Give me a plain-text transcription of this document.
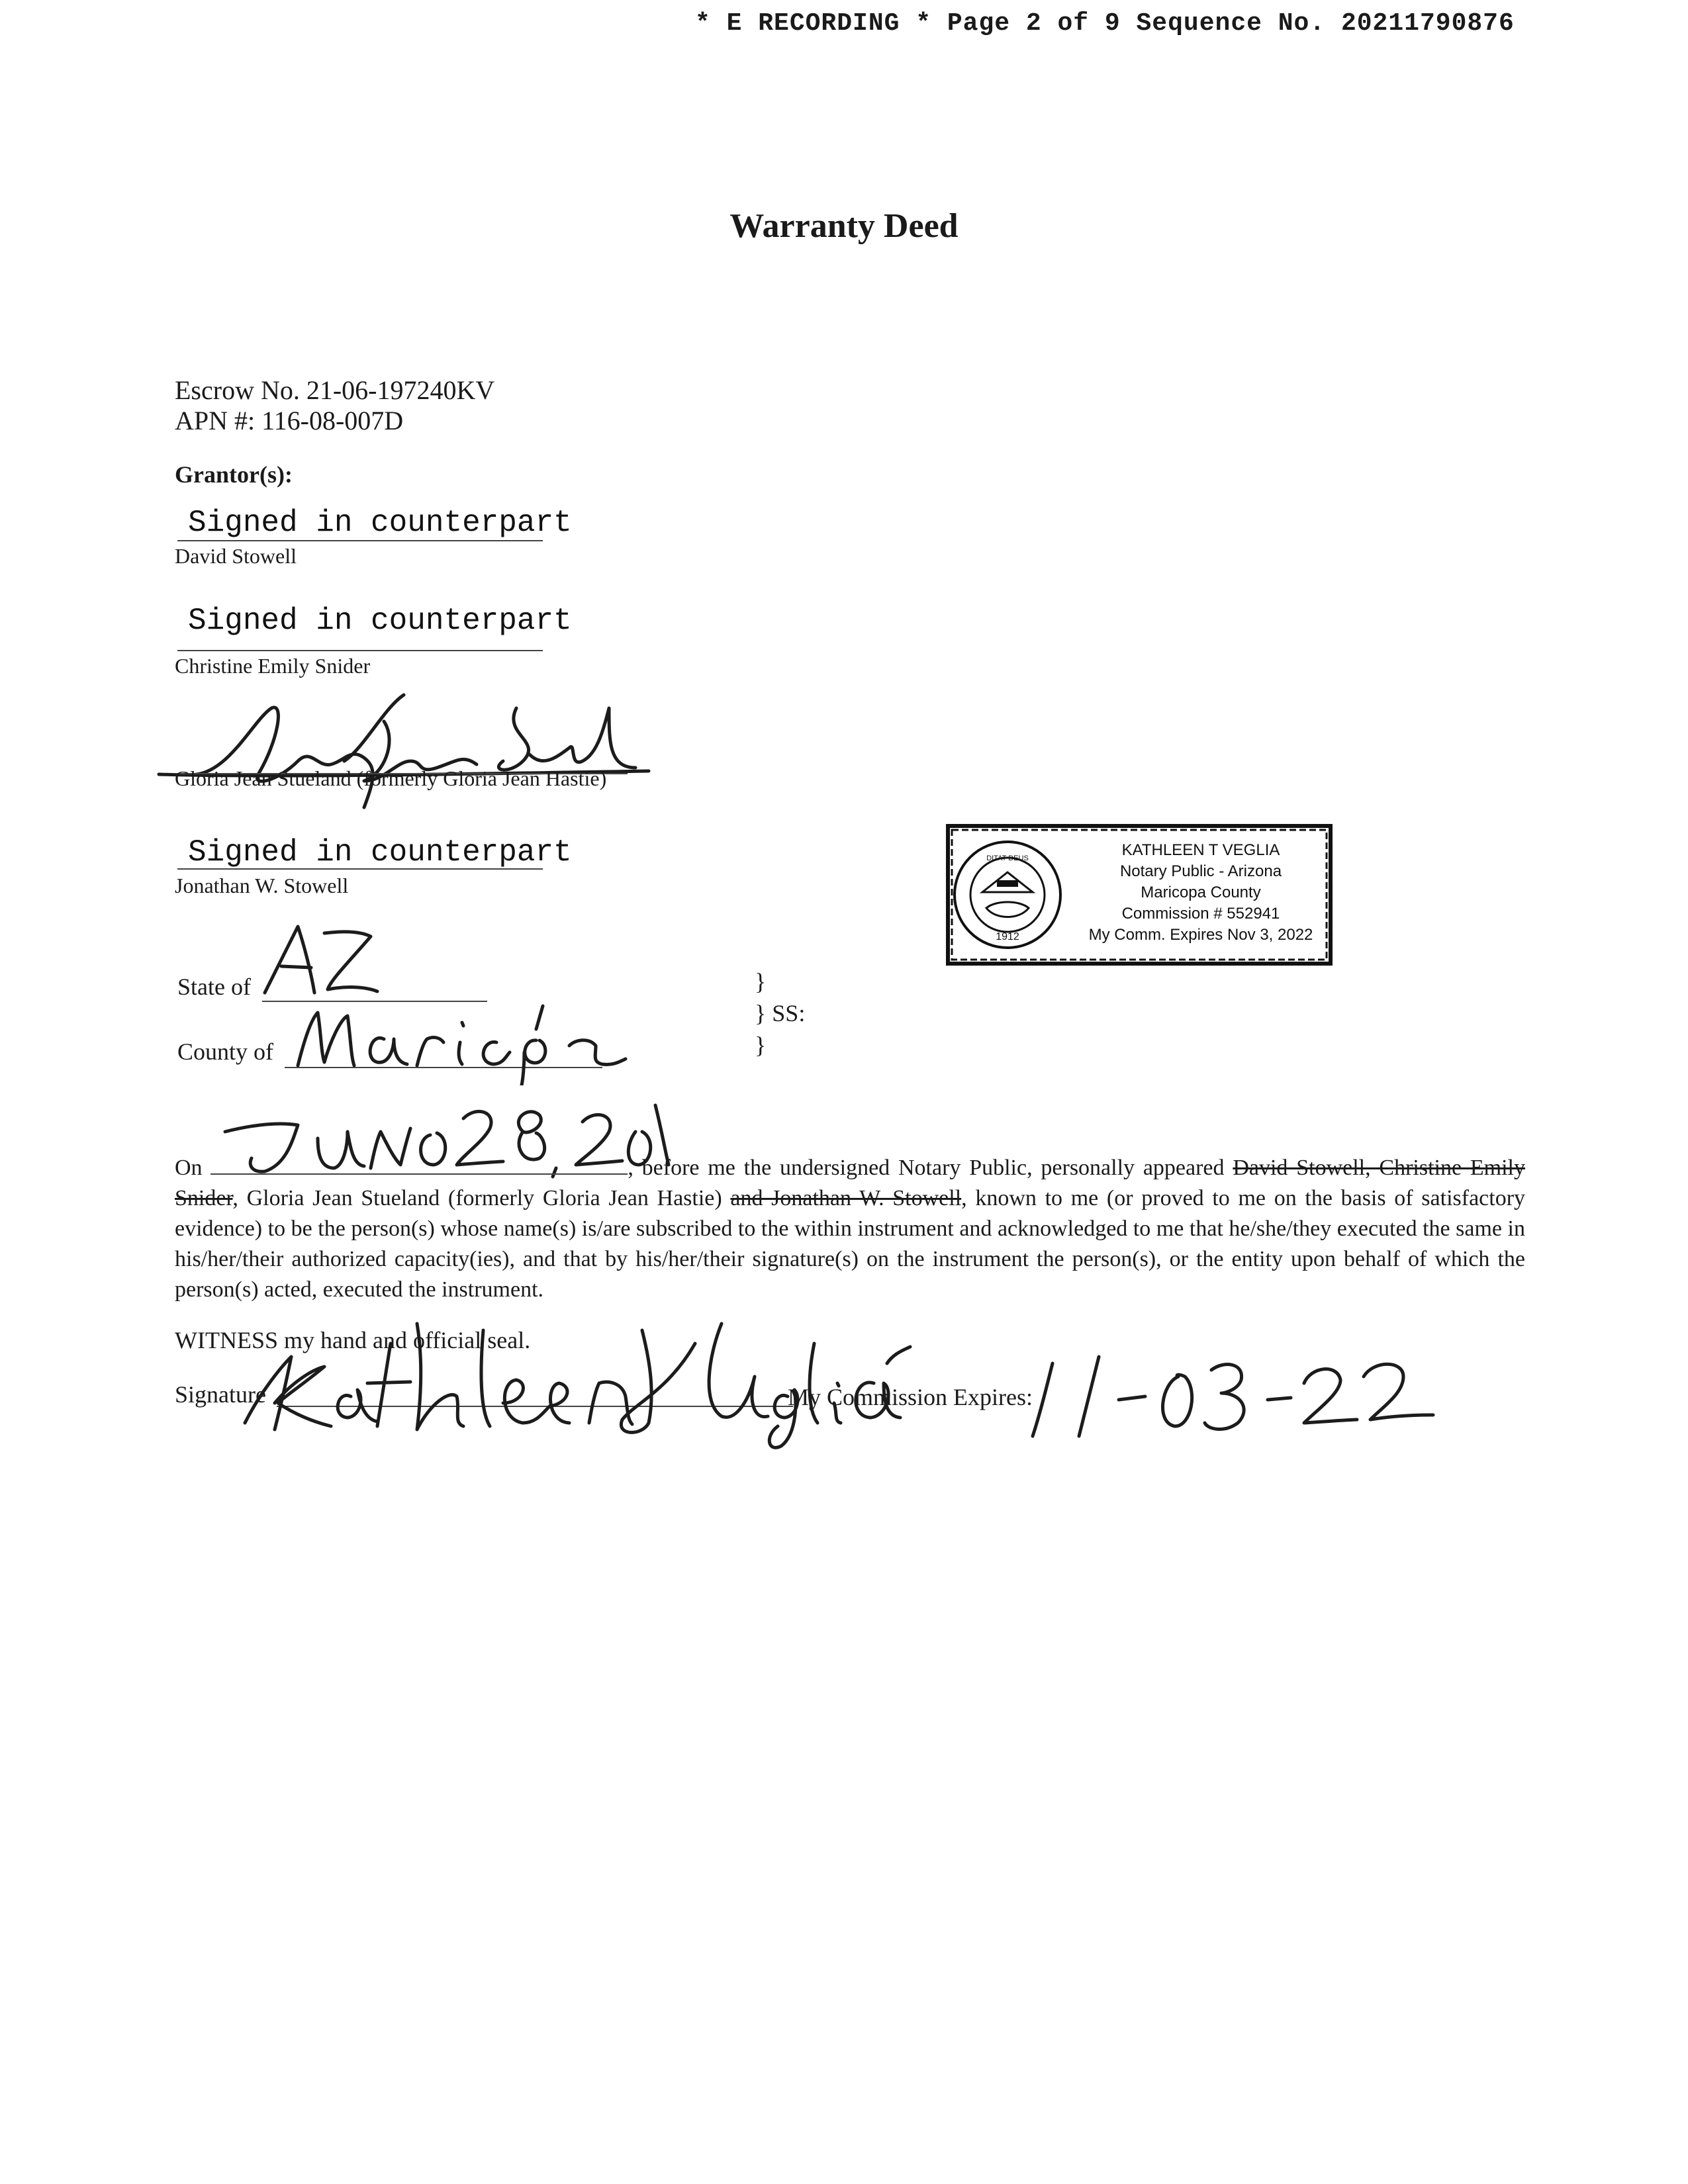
* E RECORDING * Page 2 of 9 Sequence No. 20211790876
Warranty Deed
Escrow No. 21-06-197240KV
APN #: 116-08-007D
Grantor(s):
Signed in counterpart
David Stowell
Signed in counterpart
Christine Emily Snider
Gloria Jean Stueland (formerly Gloria Jean Hastie)
Signed in counterpart
Jonathan W. Stowell
1912
DITAT DEUS	KATHLEEN T VEGLIA
Notary Public - Arizona
Maricopa County
Commission # 552941
My Comm. Expires Nov 3, 2022
State of
County of
}
} SS:
}
On	, before me the undersigned Notary Public, personally appeared David Stowell, Christine Emily Snider, Gloria Jean Stueland (formerly Gloria Jean Hastie) and Jonathan W. Stowell, known to me (or proved to me on the basis of satisfactory evidence) to be the person(s) whose name(s) is/are subscribed to the within instrument and acknowledged to me that he/she/they executed the same in his/her/their authorized capacity(ies), and that by his/her/their signature(s) on the instrument the person(s), or the entity upon behalf of which the person(s) acted, executed the instrument.
WITNESS my hand and official seal.
Signature	My Commission Expires:
